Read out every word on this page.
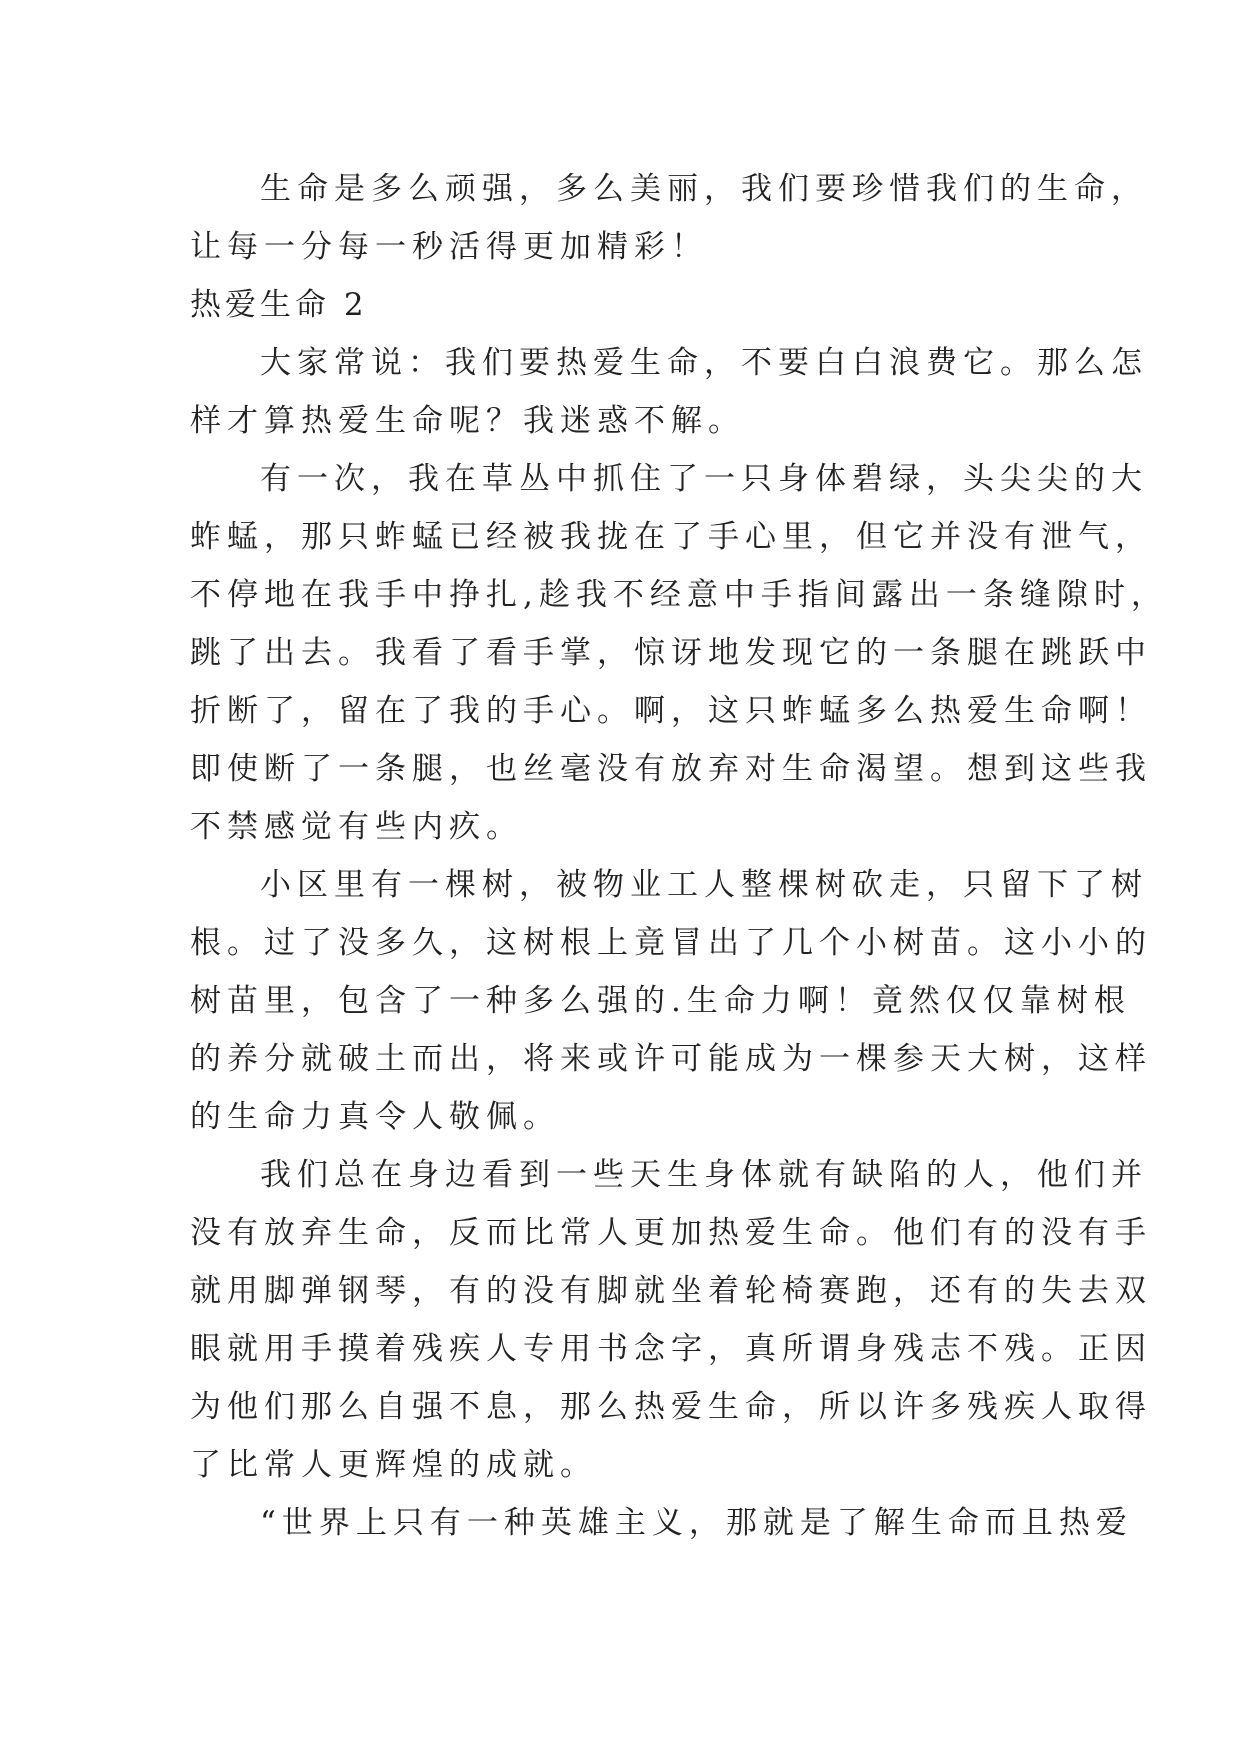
生命是多么顽强，多么美丽，我们要珍惜我们的生命，
让每一分每一秒活得更加精彩！
热爱生命 2
大家常说：我们要热爱生命，不要白白浪费它。那么怎
样才算热爱生命呢？我迷惑不解。
有一次，我在草丛中抓住了一只身体碧绿，头尖尖的大
蚱蜢，那只蚱蜢已经被我拢在了手心里，但它并没有泄气，
不停地在我手中挣扎,趁我不经意中手指间露出一条缝隙时，
跳了出去。我看了看手掌，惊讶地发现它的一条腿在跳跃中
折断了，留在了我的手心。啊，这只蚱蜢多么热爱生命啊！
即使断了一条腿，也丝毫没有放弃对生命渴望。想到这些我
不禁感觉有些内疚。
小区里有一棵树，被物业工人整棵树砍走，只留下了树
根。过了没多久，这树根上竟冒出了几个小树苗。这小小的
树苗里，包含了一种多么强的.生命力啊！竟然仅仅靠树根
的养分就破土而出，将来或许可能成为一棵参天大树，这样
的生命力真令人敬佩。
我们总在身边看到一些天生身体就有缺陷的人，他们并
没有放弃生命，反而比常人更加热爱生命。他们有的没有手
就用脚弹钢琴，有的没有脚就坐着轮椅赛跑，还有的失去双
眼就用手摸着残疾人专用书念字，真所谓身残志不残。正因
为他们那么自强不息，那么热爱生命，所以许多残疾人取得
了比常人更辉煌的成就。
“世界上只有一种英雄主义，那就是了解生命而且热爱
